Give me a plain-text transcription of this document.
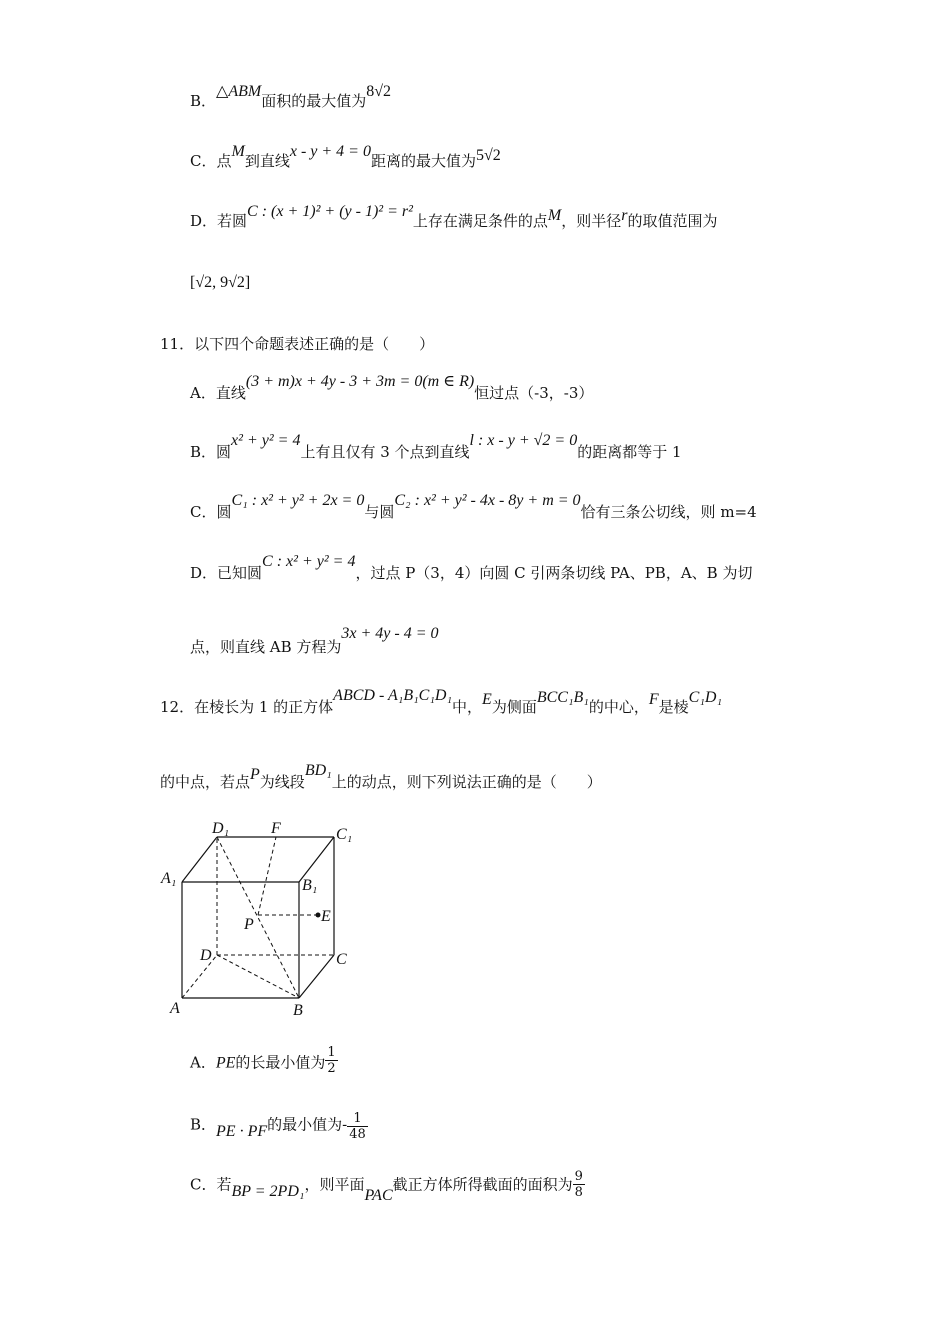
B．△ABM面积的最大值为8√2
C．点M到直线x - y + 4 = 0距离的最大值为5√2
D．若圆C : (x + 1)² + (y - 1)² = r²上存在满足条件的点M，则半径r的取值范围为
[√2, 9√2]
11．以下四个命题表述正确的是（　　）
A．直线(3 + m)x + 4y - 3 + 3m = 0(m ∈ R)恒过点（-3，-3）
B．圆x² + y² = 4上有且仅有 3 个点到直线l : x - y + √2 = 0的距离都等于 1
C．圆C₁ : x² + y² + 2x = 0与圆C₂ : x² + y² - 4x - 8y + m = 0恰有三条公切线，则 m=4
D．已知圆C : x² + y² = 4，过点 P（3，4）向圆 C 引两条切线 PA、PB，A、B 为切
点，则直线 AB 方程为3x + 4y - 4 = 0
12．在棱长为 1 的正方体ABCD - A₁B₁C₁D₁中，E为侧面BCC₁B₁的中心，F是棱C₁D₁
的中点，若点P为线段BD₁上的动点，则下列说法正确的是（　　）
D₁	F	C₁
A₁	B₁
P	E
D	C
A	B
A．PE的长最小值为 $\frac{1}{2}$
B．PE · PF的最小值为- $\frac{1}{48}$
C．若BP = 2PD₁，则平面PAC截正方体所得截面的面积为 $\frac{9}{8}$
